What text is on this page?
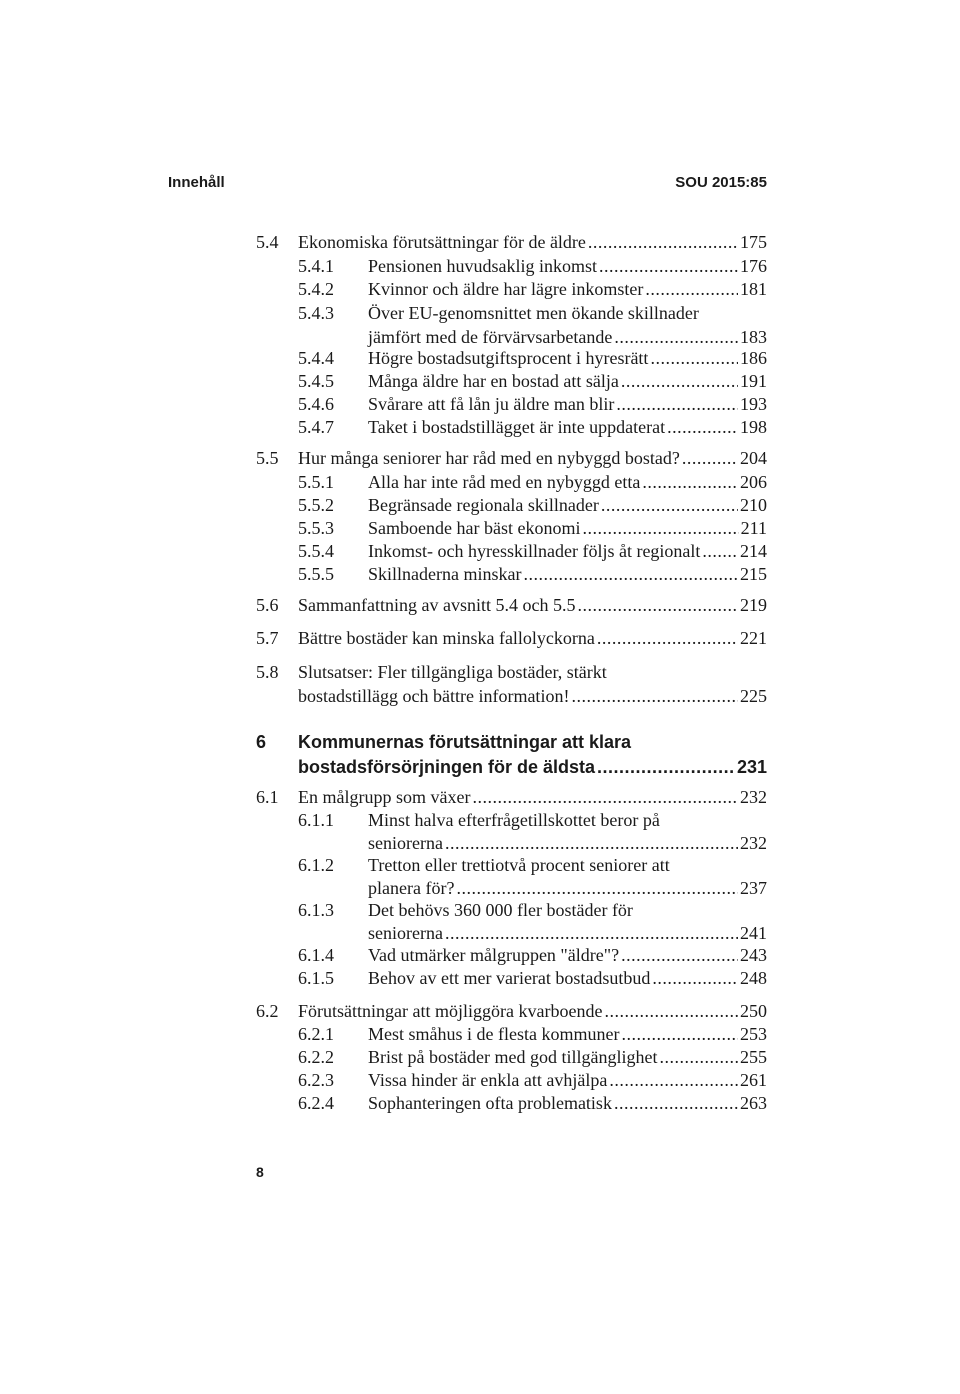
Innehåll	SOU 2015:85
5.4 Ekonomiska förutsättningar för de äldre .....	175
5.4.1 Pensionen huvudsaklig inkomst .....	176
5.4.2 Kvinnor och äldre har lägre inkomster .....	181
5.4.3 Över EU-genomsnittet men ökande skillnader
jämfört med de förvärvsarbetande .....	183
5.4.4 Högre bostadsutgiftsprocent i hyresrätt .....	186
5.4.5 Många äldre har en bostad att sälja .....	191
5.4.6 Svårare att få lån ju äldre man blir .....	193
5.4.7 Taket i bostadstillägget är inte uppdaterat .....	198
5.5 Hur många seniorer har råd med en nybyggd bostad? .....	204
5.5.1 Alla har inte råd med en nybyggd etta .....	206
5.5.2 Begränsade regionala skillnader .....	210
5.5.3 Samboende har bäst ekonomi .....	211
5.5.4 Inkomst- och hyresskillnader följs åt regionalt ..... 214
5.5.5 Skillnaderna minskar .....	215
5.6 Sammanfattning av avsnitt 5.4 och 5.5 .....	219
5.7 Bättre bostäder kan minska fallolyckorna .....	221
5.8 Slutsatser: Fler tillgängliga bostäder, stärkt
bostadstillägg och bättre information! .....	225
6 Kommunernas förutsättningar att klara
bostadsförsörjningen för de äldsta .....	231
6.1 En målgrupp som växer .....	232
6.1.1 Minst halva efterfrågetillskottet beror på
seniorerna .....	232
6.1.2 Tretton eller trettiotvå procent seniorer att
planera för? .....	237
6.1.3 Det behövs 360 000 fler bostäder för
seniorerna .....	241
6.1.4 Vad utmärker målgruppen "äldre"? .....	243
6.1.5 Behov av ett mer varierat bostadsutbud .....	248
6.2 Förutsättningar att möjliggöra kvarboende .....	250
6.2.1 Mest småhus i de flesta kommuner .....	253
6.2.2 Brist på bostäder med god tillgänglighet .....	255
6.2.3 Vissa hinder är enkla att avhjälpa .....	261
6.2.4 Sophanteringen ofta problematisk .....	263
8
